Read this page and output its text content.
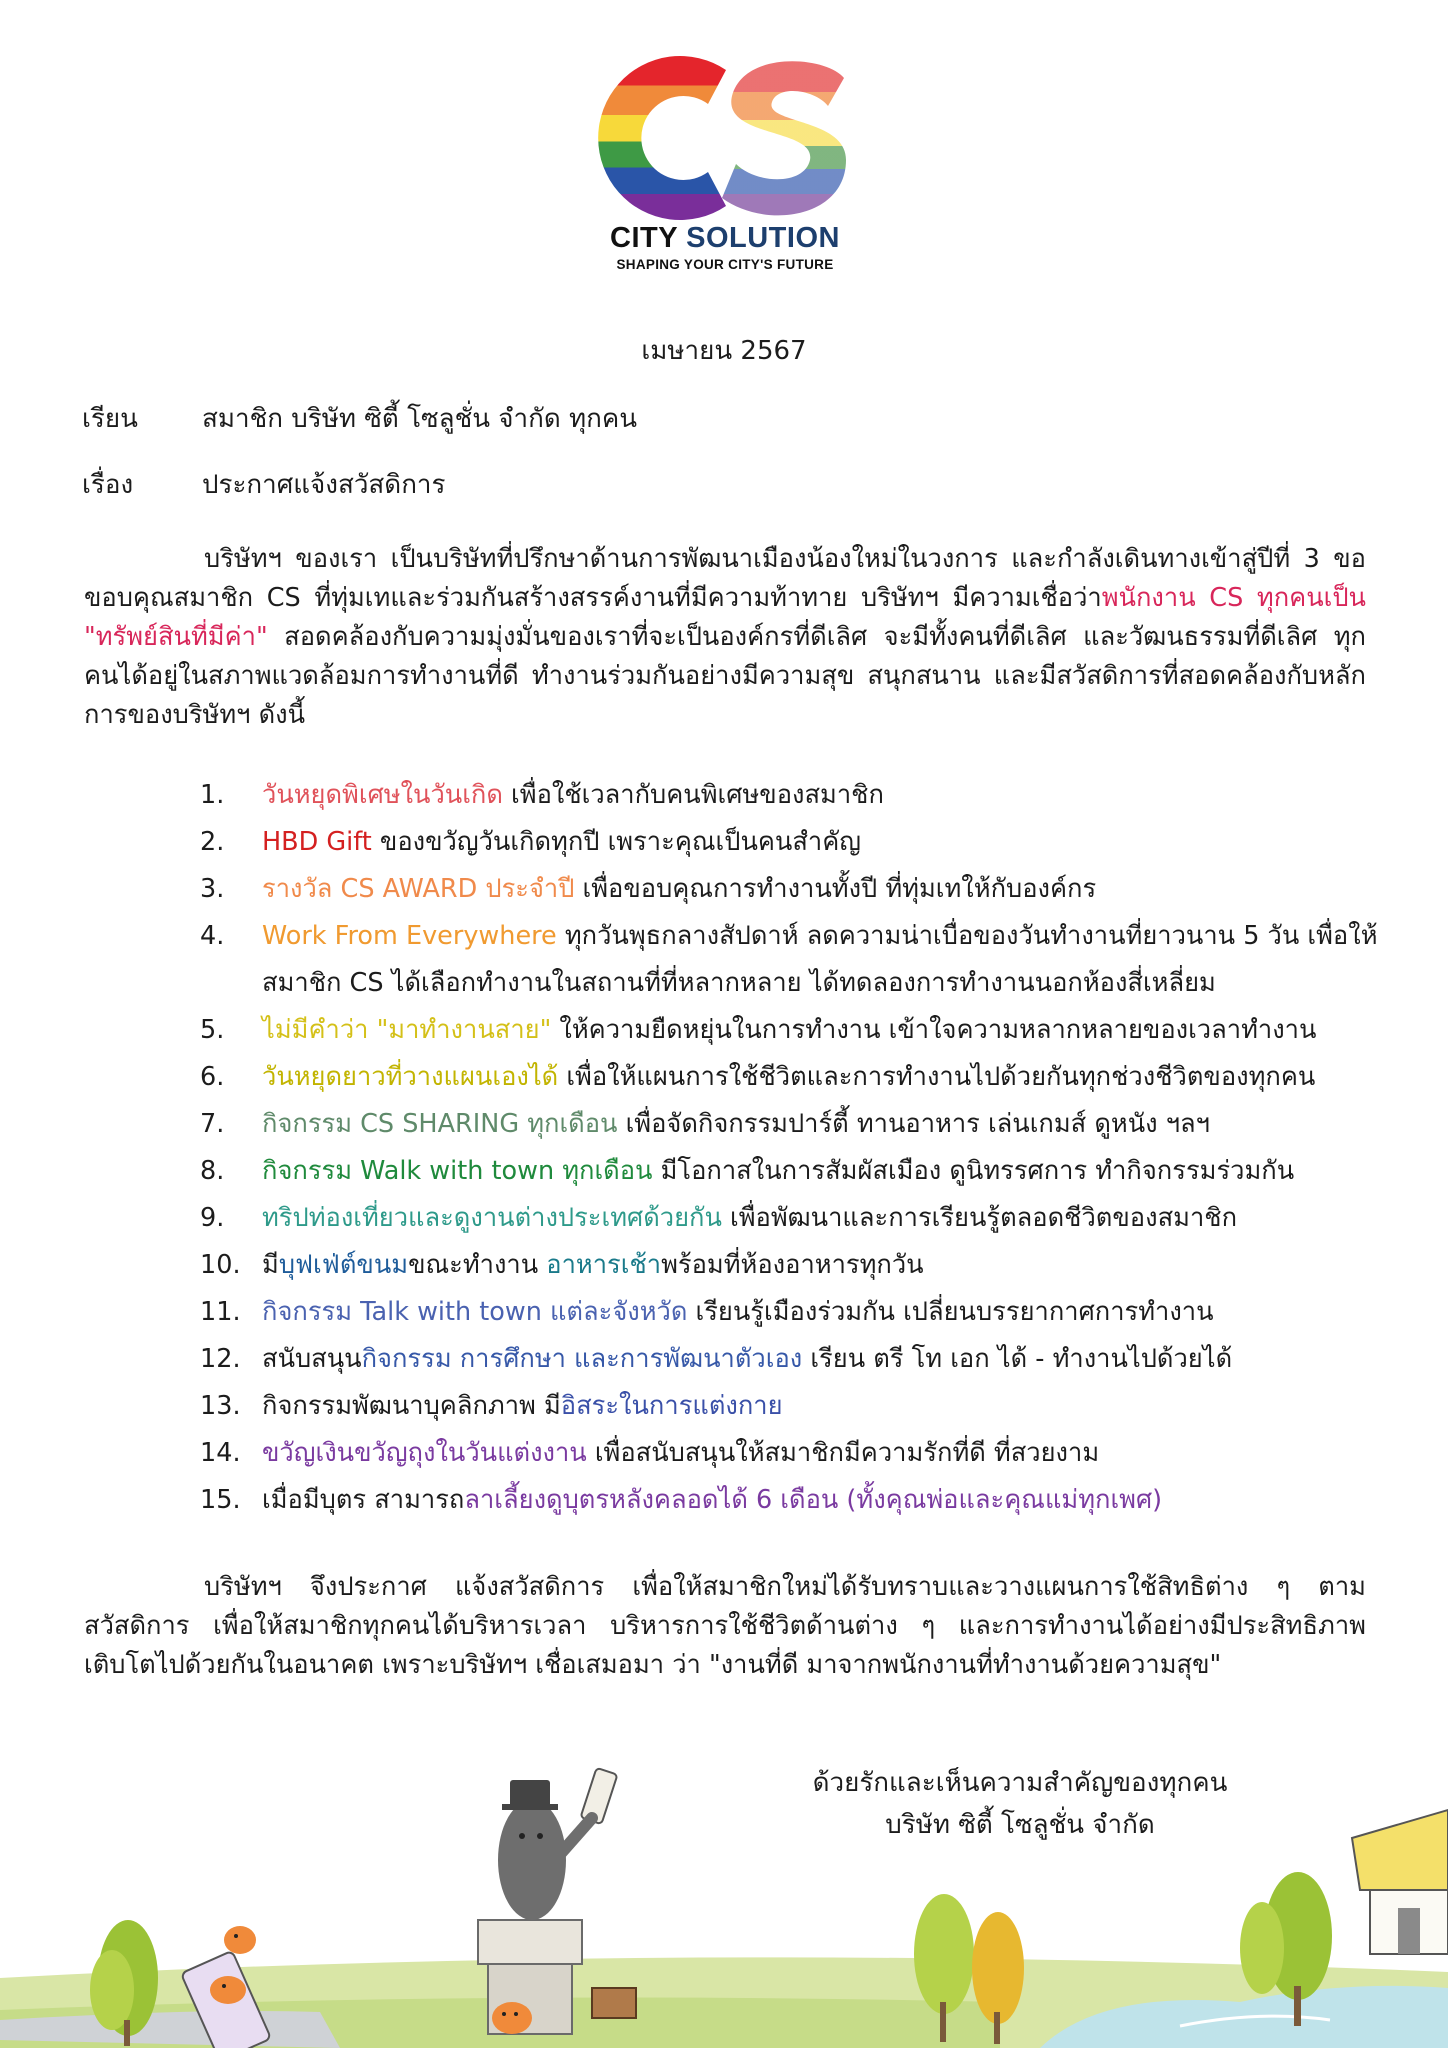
CITY SOLUTION
SHAPING YOUR CITY'S FUTURE
เมษายน 2567
เรียน สมาชิก บริษัท ซิตี้ โซลูชั่น จำกัด ทุกคน
เรื่อง	ประกาศแจ้งสวัสดิการ
บริษัทฯ ของเรา เป็นบริษัทที่ปรึกษาด้านการพัฒนาเมืองน้องใหม่ในวงการ และกำลังเดินทางเข้าสู่ปีที่ 3 ขอขอบคุณสมาชิก CS ที่ทุ่มเทและร่วมกันสร้างสรรค์งานที่มีความท้าทาย บริษัทฯ มีความเชื่อว่าพนักงาน CS ทุกคนเป็น "ทรัพย์สินที่มีค่า" สอดคล้องกับความมุ่งมั่นของเราที่จะเป็นองค์กรที่ดีเลิศ จะมีทั้งคนที่ดีเลิศ และวัฒนธรรมที่ดีเลิศ ทุกคนได้อยู่ในสภาพแวดล้อมการทำงานที่ดี ทำงานร่วมกันอย่างมีความสุข สนุกสนาน และมีสวัสดิการที่สอดคล้องกับหลักการของบริษัทฯ ดังนี้
1. วันหยุดพิเศษในวันเกิด เพื่อใช้เวลากับคนพิเศษของสมาชิก
2. HBD Gift ของขวัญวันเกิดทุกปี เพราะคุณเป็นคนสำคัญ
3. รางวัล CS AWARD ประจำปี เพื่อขอบคุณการทำงานทั้งปี ที่ทุ่มเทให้กับองค์กร
4. Work From Everywhere ทุกวันพุธกลางสัปดาห์ ลดความน่าเบื่อของวันทำงานที่ยาวนาน 5 วัน เพื่อให้สมาชิก CS ได้เลือกทำงานในสถานที่ที่หลากหลาย ได้ทดลองการทำงานนอกห้องสี่เหลี่ยม
5. ไม่มีคำว่า "มาทำงานสาย" ให้ความยืดหยุ่นในการทำงาน เข้าใจความหลากหลายของเวลาทำงาน
6. วันหยุดยาวที่วางแผนเองได้ เพื่อให้แผนการใช้ชีวิตและการทำงานไปด้วยกันทุกช่วงชีวิตของทุกคน
7. กิจกรรม CS SHARING ทุกเดือน เพื่อจัดกิจกรรมปาร์ตี้ ทานอาหาร เล่นเกมส์ ดูหนัง ฯลฯ
8. กิจกรรม Walk with town ทุกเดือน มีโอกาสในการสัมผัสเมือง ดูนิทรรศการ ทำกิจกรรมร่วมกัน
9. ทริปท่องเที่ยวและดูงานต่างประเทศด้วยกัน เพื่อพัฒนาและการเรียนรู้ตลอดชีวิตของสมาชิก
10. มีบุฟเฟ่ต์ขนมขณะทำงาน อาหารเช้าพร้อมที่ห้องอาหารทุกวัน
11. กิจกรรม Talk with town แต่ละจังหวัด เรียนรู้เมืองร่วมกัน เปลี่ยนบรรยากาศการทำงาน
12. สนับสนุนกิจกรรม การศึกษา และการพัฒนาตัวเอง เรียน ตรี โท เอก ได้ - ทำงานไปด้วยได้
13. กิจกรรมพัฒนาบุคลิกภาพ มีอิสระในการแต่งกาย
14. ขวัญเงินขวัญถุงในวันแต่งงาน เพื่อสนับสนุนให้สมาชิกมีความรักที่ดี ที่สวยงาม
15. เมื่อมีบุตร สามารถลาเลี้ยงดูบุตรหลังคลอดได้ 6 เดือน (ทั้งคุณพ่อและคุณแม่ทุกเพศ)
บริษัทฯ จึงประกาศ แจ้งสวัสดิการ เพื่อให้สมาชิกใหม่ได้รับทราบและวางแผนการใช้สิทธิต่าง ๆ ตามสวัสดิการ เพื่อให้สมาชิกทุกคนได้บริหารเวลา บริหารการใช้ชีวิตด้านต่าง ๆ และการทำงานได้อย่างมีประสิทธิภาพ เติบโตไปด้วยกันในอนาคต เพราะบริษัทฯ เชื่อเสมอมา ว่า "งานที่ดี มาจากพนักงานที่ทำงานด้วยความสุข"
ด้วยรักและเห็นความสำคัญของทุกคน
บริษัท ซิตี้ โซลูชั่น จำกัด
